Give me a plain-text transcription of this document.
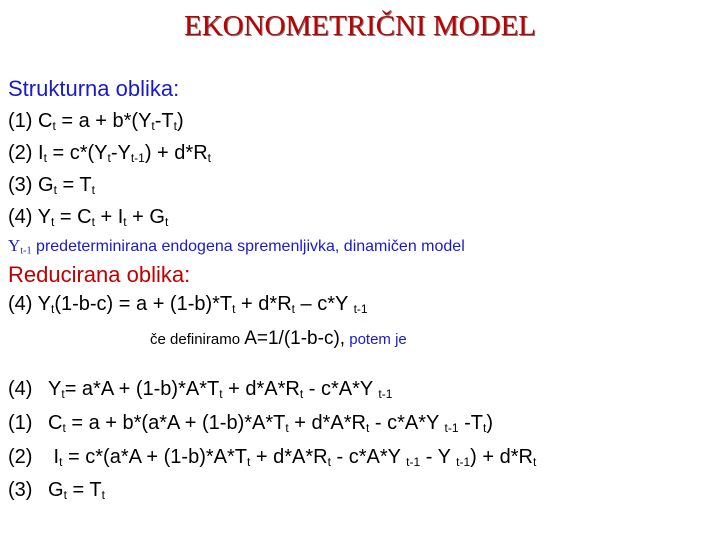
EKONOMETRIČNI MODEL
Strukturna oblika:
(1) $C_t = a + b*(Y_t-T_t)$
(2) $I_t = c*(Y_t-Y_{t-1}) + d*R_t$
(3) $G_t = T_t$
(4) $Y_t = C_t + I_t + G_t$
$Y_{t-1}$ predeterminirana endogena spremenljivka, dinamičen model
Reducirana oblika:
(4) $Y_t(1-b-c) = a + (1-b)*T_t + d*R_t - c*Y$ $_{t-1}$
če definiramo A=1/(1-b-c), potem je
(4) $Y_t= a*A + (1-b)*A*T_t + d*A*R_t - c*A*Y$ $_{t-1}$
(1) $C_t = a + b*(a*A + (1-b)*A*T_t + d*A*R_t - c*A*Y$ $_{t-1}$ $-T_t$)
(2) $I_t = c*(a*A + (1-b)*A*T_t + d*A*R_t - c*A*Y$ $_{t-1}$ - Y $_{t-1}) + d*R_t$
(3) $G_t = T_t$
